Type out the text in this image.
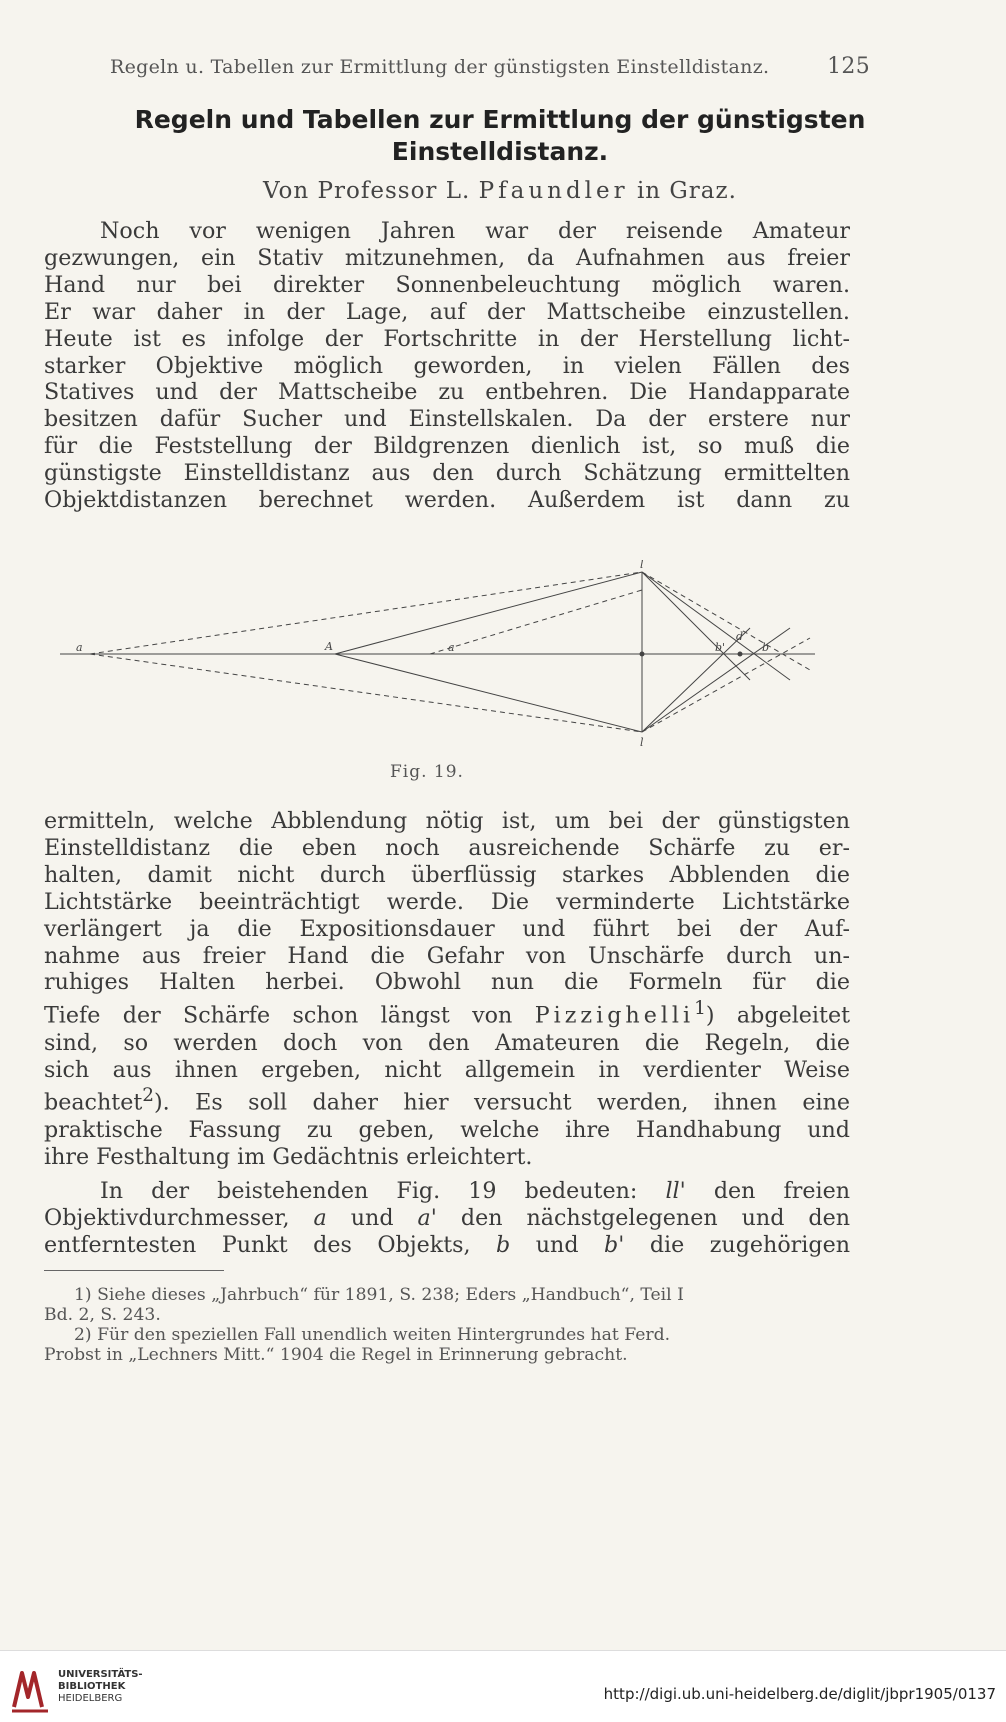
Regeln u. Tabellen zur Ermittlung der günstigsten Einstelldistanz.	125
Regeln und Tabellen zur Ermittlung der günstigsten
Einstelldistanz.
Von Professor L. Pfaundler in Graz.
Noch vor wenigen Jahren war der reisende Amateur
gezwungen, ein Stativ mitzunehmen, da Aufnahmen aus freier
Hand nur bei direkter Sonnenbeleuchtung möglich waren.
Er war daher in der Lage, auf der Mattscheibe einzustellen.
Heute ist es infolge der Fortschritte in der Herstellung licht-
starker Objektive möglich geworden, in vielen Fällen des
Statives und der Mattscheibe zu entbehren. Die Handapparate
besitzen dafür Sucher und Einstellskalen. Da der erstere nur
für die Feststellung der Bildgrenzen dienlich ist, so muß die
günstigste Einstelldistanz aus den durch Schätzung ermittelten
Objektdistanzen berechnet werden. Außerdem ist dann zu
a	A	a
l
l
b'	b
d
Fig. 19.
ermitteln, welche Abblendung nötig ist, um bei der günstigsten
Einstelldistanz die eben noch ausreichende Schärfe zu er-
halten, damit nicht durch überflüssig starkes Abblenden die
Lichtstärke beeinträchtigt werde. Die verminderte Lichtstärke
verlängert ja die Expositionsdauer und führt bei der Auf-
nahme aus freier Hand die Gefahr von Unschärfe durch un-
ruhiges Halten herbei. Obwohl nun die Formeln für die
Tiefe der Schärfe schon längst von Pizzighelli$^1$) abgeleitet
sind, so werden doch von den Amateuren die Regeln, die
sich aus ihnen ergeben, nicht allgemein in verdienter Weise
beachtet$^2$). Es soll daher hier versucht werden, ihnen eine
praktische Fassung zu geben, welche ihre Handhabung und
ihre Festhaltung im Gedächtnis erleichtert.
In der beistehenden Fig. 19 bedeuten: ll' den freien
Objektivdurchmesser, a und a' den nächstgelegenen und den
entferntesten Punkt des Objekts, b und b' die zugehörigen
1) Siehe dieses „Jahrbuch“ für 1891, S. 238; Eders „Handbuch“, Teil I
Bd. 2, S. 243.
2) Für den speziellen Fall unendlich weiten Hintergrundes hat Ferd.
Probst in „Lechners Mitt.“ 1904 die Regel in Erinnerung gebracht.
UNIVERSITÄTS-
BIBLIOTHEK
HEIDELBERG	http://digi.ub.uni-heidelberg.de/diglit/jbpr1905/0137
